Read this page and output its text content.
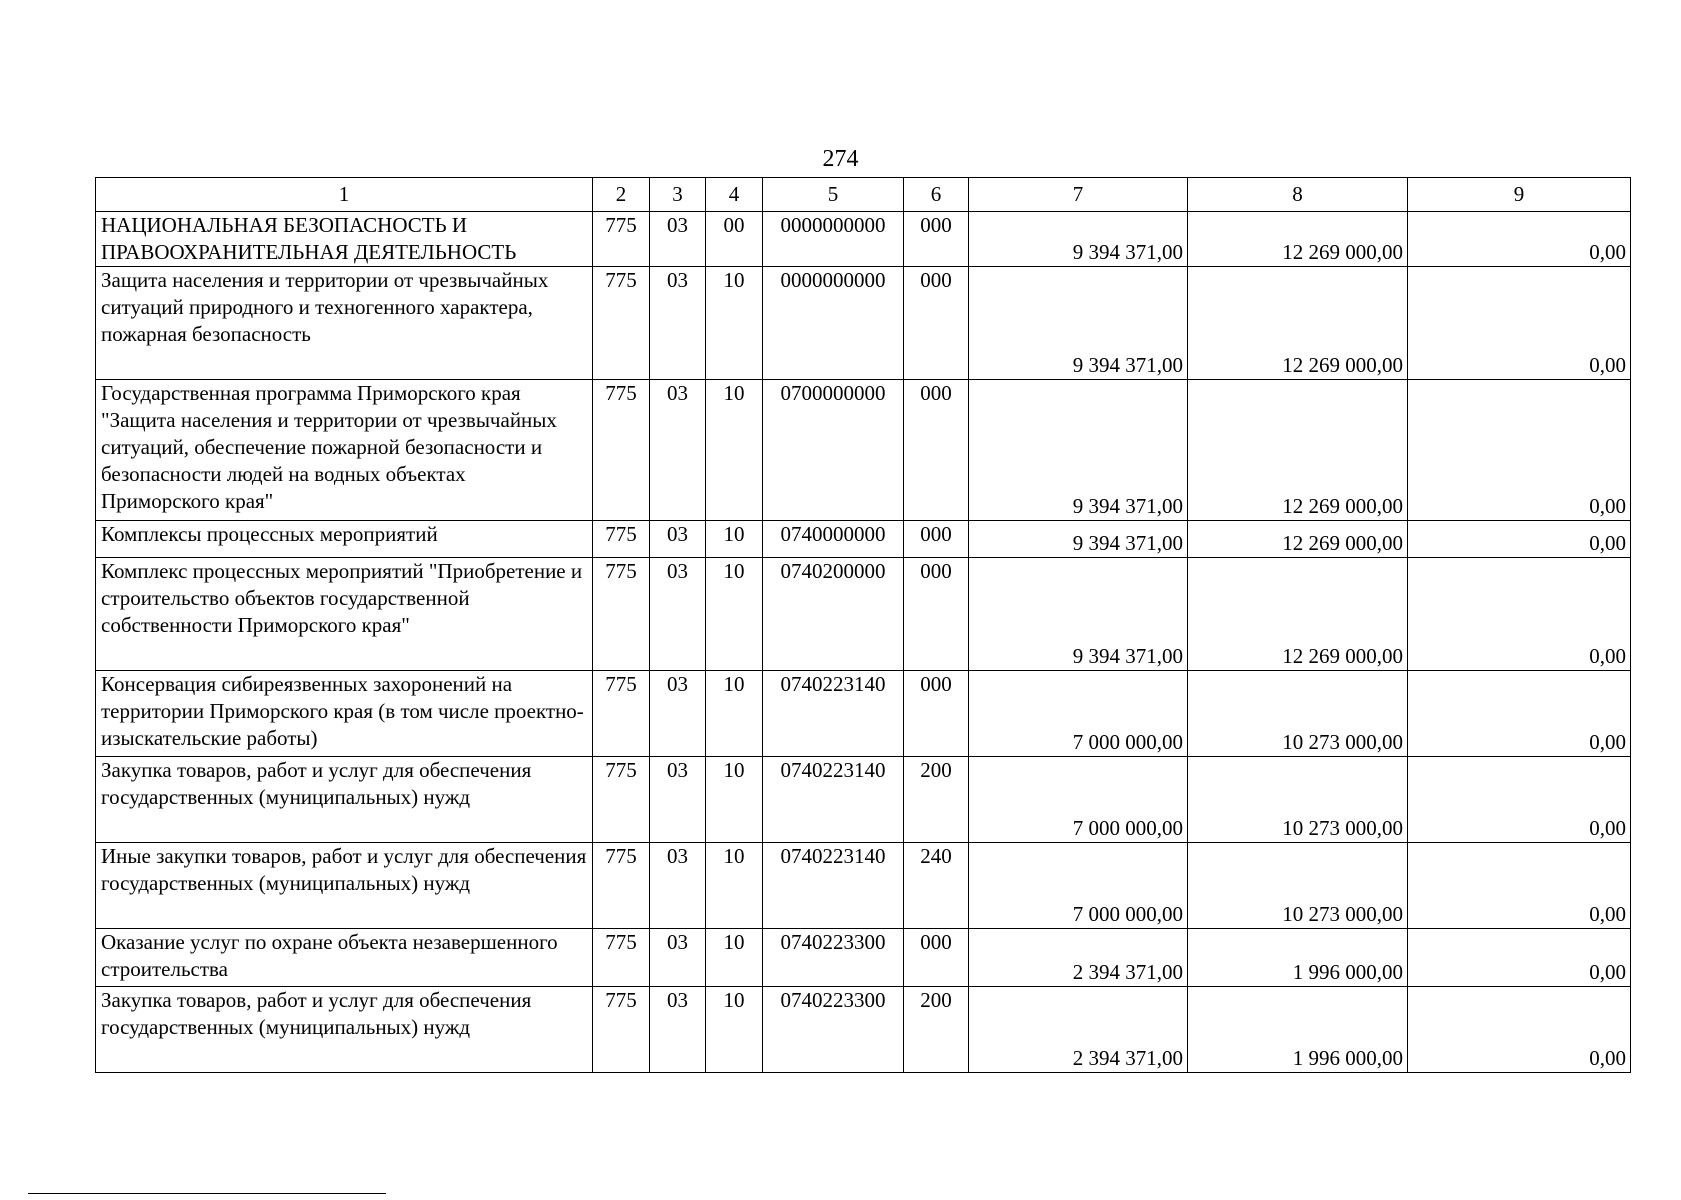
274
1	2	3	4	5	6	7	8	9
НАЦИОНАЛЬНАЯ БЕЗОПАСНОСТЬ И ПРАВООХРАНИТЕЛЬНАЯ ДЕЯТЕЛЬНОСТЬ	775	03	00	0000000000	000	9 394 371,00	12 269 000,00	0,00
Защита населения и территории от чрезвычайных ситуаций природного и техногенного характера, пожарная безопасность	775	03	10	0000000000	000	9 394 371,00	12 269 000,00	0,00
Государственная программа Приморского края "Защита населения и территории от чрезвычайных ситуаций, обеспечение пожарной безопасности и безопасности людей на водных объектах Приморского края"	775	03	10	0700000000	000	9 394 371,00	12 269 000,00	0,00
Комплексы процессных мероприятий	775	03	10	0740000000	000	9 394 371,00	12 269 000,00	0,00
Комплекс процессных мероприятий "Приобретение и строительство объектов государственной собственности Приморского края"	775	03	10	0740200000	000	9 394 371,00	12 269 000,00	0,00
Консервация сибиреязвенных захоронений на территории Приморского края (в том числе проектно-изыскательские работы)	775	03	10	0740223140	000	7 000 000,00	10 273 000,00	0,00
Закупка товаров, работ и услуг для обеспечения государственных (муниципальных) нужд	775	03	10	0740223140	200	7 000 000,00	10 273 000,00	0,00
Иные закупки товаров, работ и услуг для обеспечения государственных (муниципальных) нужд	775	03	10	0740223140	240	7 000 000,00	10 273 000,00	0,00
Оказание услуг по охране объекта незавершенного строительства	775	03	10	0740223300	000	2 394 371,00	1 996 000,00	0,00
Закупка товаров, работ и услуг для обеспечения государственных (муниципальных) нужд	775	03	10	0740223300	200	2 394 371,00	1 996 000,00	0,00
